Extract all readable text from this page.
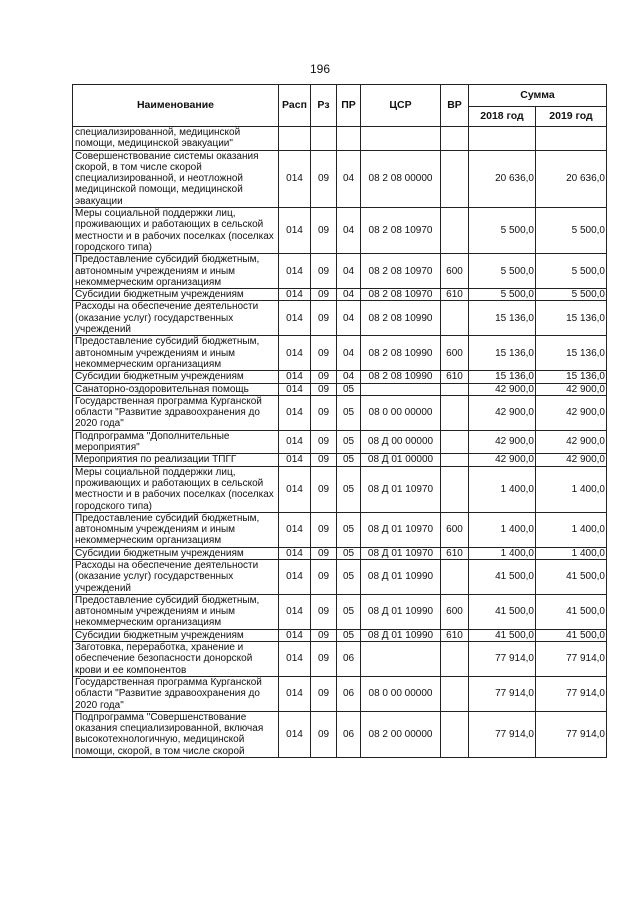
196
Наименование	Расп	Рз	ПР	ЦСР	ВР	Сумма	
						2018 год	2019 год
специализированной, медицинской помощи, медицинской эвакуации"							
Совершенствование системы оказания скорой, в том числе скорой специализированной, и неотложной медицинской помощи, медицинской эвакуации	014	09	04	08 2 08 00000		20 636,0	20 636,0
Меры социальной поддержки лиц, проживающих и работающих в сельской местности и в рабочих поселках (поселках городского типа)	014	09	04	08 2 08 10970		5 500,0	5 500,0
Предоставление субсидий бюджетным, автономным учреждениям и иным некоммерческим организациям	014	09	04	08 2 08 10970	600	5 500,0	5 500,0
Субсидии бюджетным учреждениям	014	09	04	08 2 08 10970	610	5 500,0	5 500,0
Расходы на обеспечение деятельности (оказание услуг) государственных учреждений	014	09	04	08 2 08 10990		15 136,0	15 136,0
Предоставление субсидий бюджетным, автономным учреждениям и иным некоммерческим организациям	014	09	04	08 2 08 10990	600	15 136,0	15 136,0
Субсидии бюджетным учреждениям	014	09	04	08 2 08 10990	610	15 136,0	15 136,0
Санаторно-оздоровительная помощь	014	09	05			42 900,0	42 900,0
Государственная программа Курганской области "Развитие здравоохранения до 2020 года"	014	09	05	08 0 00 00000		42 900,0	42 900,0
Подпрограмма "Дополнительные мероприятия"	014	09	05	08 Д 00 00000		42 900,0	42 900,0
Мероприятия по реализации ТПГГ	014	09	05	08 Д 01 00000		42 900,0	42 900,0
Меры социальной поддержки лиц, проживающих и работающих в сельской местности и в рабочих поселках (поселках городского типа)	014	09	05	08 Д 01 10970		1 400,0	1 400,0
Предоставление субсидий бюджетным, автономным учреждениям и иным некоммерческим организациям	014	09	05	08 Д 01 10970	600	1 400,0	1 400,0
Субсидии бюджетным учреждениям	014	09	05	08 Д 01 10970	610	1 400,0	1 400,0
Расходы на обеспечение деятельности (оказание услуг) государственных учреждений	014	09	05	08 Д 01 10990		41 500,0	41 500,0
Предоставление субсидий бюджетным, автономным учреждениям и иным некоммерческим организациям	014	09	05	08 Д 01 10990	600	41 500,0	41 500,0
Субсидии бюджетным учреждениям	014	09	05	08 Д 01 10990	610	41 500,0	41 500,0
Заготовка, переработка, хранение и обеспечение безопасности донорской крови и ее компонентов	014	09	06			77 914,0	77 914,0
Государственная программа Курганской области "Развитие здравоохранения до 2020 года"	014	09	06	08 0 00 00000		77 914,0	77 914,0
Подпрограмма "Совершенствование оказания специализированной, включая высокотехнологичную, медицинской помощи, скорой, в том числе скорой	014	09	06	08 2 00 00000		77 914,0	77 914,0
